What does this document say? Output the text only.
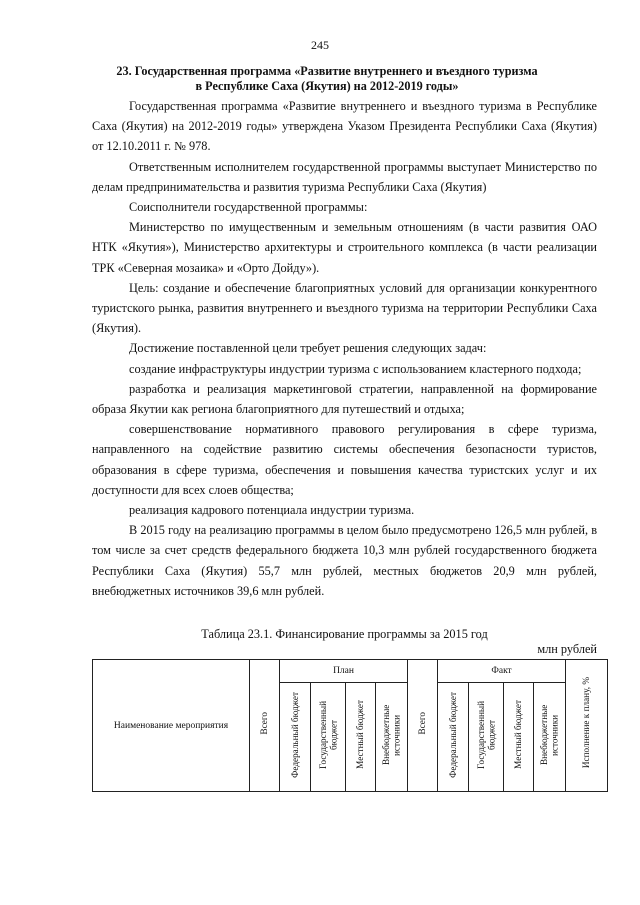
245
23. Государственная программа «Развитие внутреннего и въездного туризма
в Республике Саха (Якутия) на 2012-2019 годы»

Государственная программа «Развитие внутреннего и въездного туризма в Республике Саха (Якутия) на 2012-2019 годы» утверждена Указом Президента Республики Саха (Якутия) от 12.10.2011 г. № 978.

Ответственным исполнителем государственной программы выступает Министерство по делам предпринимательства и развития туризма Республики Саха (Якутия)

Соисполнители государственной программы:

Министерство по имущественным и земельным отношениям (в части развития ОАО НТК «Якутия»), Министерство архитектуры и строительного комплекса (в части реализации ТРК «Северная мозаика» и «Орто Дойду»).

Цель: создание и обеспечение благоприятных условий для организации конкурентного туристского рынка, развития внутреннего и въездного туризма на территории Республики Саха (Якутия).

Достижение поставленной цели требует решения следующих задач:

создание инфраструктуры индустрии туризма с использованием кластерного подхода;

разработка и реализация маркетинговой стратегии, направленной на формирование образа Якутии как региона благоприятного для путешествий и отдыха;

совершенствование нормативного правового регулирования в сфере туризма, направленного на содействие развитию системы обеспечения безопасности туристов, образования в сфере туризма, обеспечения и повышения качества туристских услуг и их доступности для всех слоев общества;

реализация кадрового потенциала индустрии туризма.

В 2015 году на реализацию программы в целом было предусмотрено 126,5 млн рублей, в том числе за счет средств федерального бюджета 10,3 млн рублей государственного бюджета Республики Саха (Якутия) 55,7 млн рублей, местных бюджетов 20,9 млн рублей, внебюджетных источников 39,6 млн рублей.

Таблица 23.1. Финансирование программы за 2015 год
млн рублей
Наименование мероприятия	Всего	План				Всего	Факт				Исполнение к плану, %
		Федеральный бюджет	Государственный бюджет	Местный бюджет	Внебюджетные источники		Федеральный бюджет	Государственный бюджет	Местный бюджет	Внебюджетные источники	
